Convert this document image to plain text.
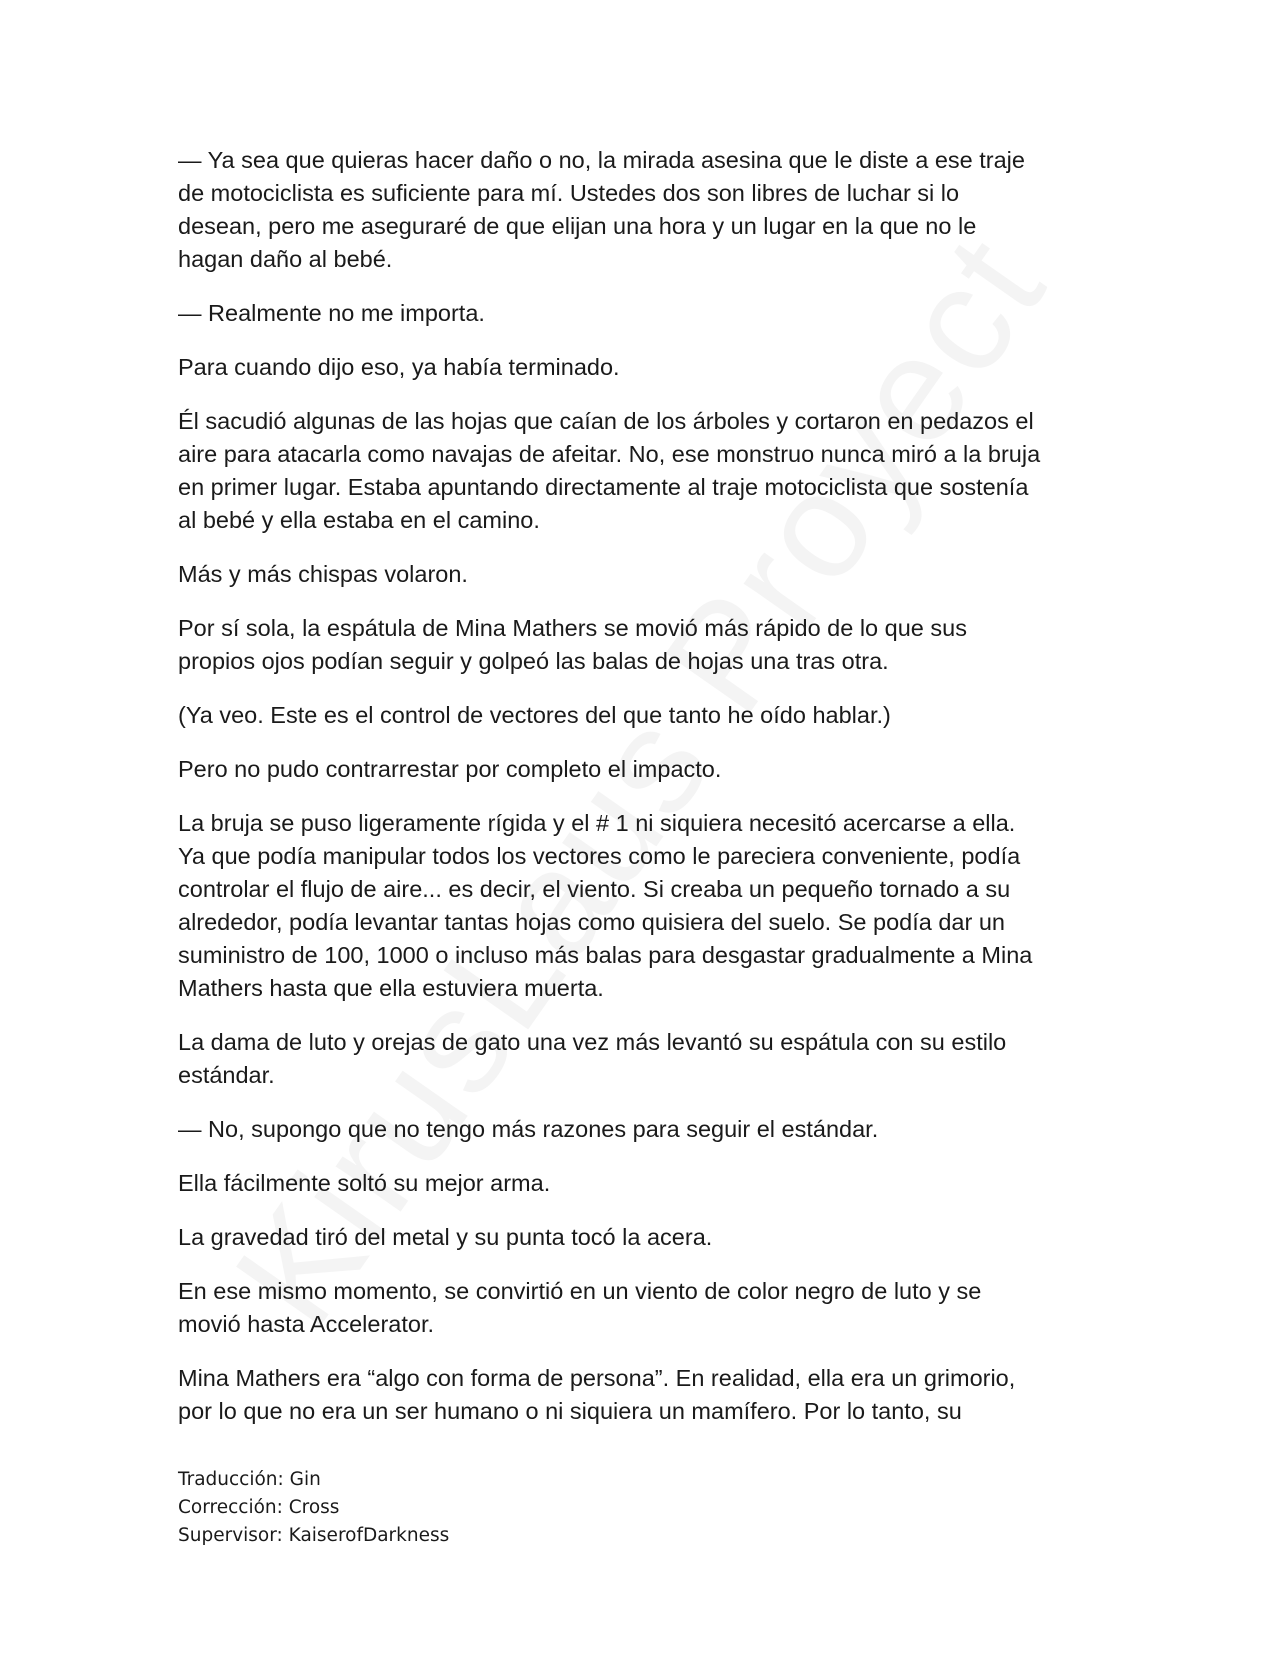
— Ya sea que quieras hacer daño o no, la mirada asesina que le diste a ese traje
de motociclista es suficiente para mí. Ustedes dos son libres de luchar si lo
desean, pero me aseguraré de que elijan una hora y un lugar en la que no le
hagan daño al bebé.

— Realmente no me importa.

Para cuando dijo eso, ya había terminado.

Él sacudió algunas de las hojas que caían de los árboles y cortaron en pedazos el
aire para atacarla como navajas de afeitar. No, ese monstruo nunca miró a la bruja
en primer lugar. Estaba apuntando directamente al traje motociclista que sostenía
al bebé y ella estaba en el camino.

Más y más chispas volaron.

Por sí sola, la espátula de Mina Mathers se movió más rápido de lo que sus
propios ojos podían seguir y golpeó las balas de hojas una tras otra.

(Ya veo. Este es el control de vectores del que tanto he oído hablar.)

Pero no pudo contrarrestar por completo el impacto.

La bruja se puso ligeramente rígida y el # 1 ni siquiera necesitó acercarse a ella.
Ya que podía manipular todos los vectores como le pareciera conveniente, podía
controlar el flujo de aire... es decir, el viento. Si creaba un pequeño tornado a su
alrededor, podía levantar tantas hojas como quisiera del suelo. Se podía dar un
suministro de 100, 1000 o incluso más balas para desgastar gradualmente a Mina
Mathers hasta que ella estuviera muerta.

La dama de luto y orejas de gato una vez más levantó su espátula con su estilo
estándar.

— No, supongo que no tengo más razones para seguir el estándar.

Ella fácilmente soltó su mejor arma.

La gravedad tiró del metal y su punta tocó la acera.

En ese mismo momento, se convirtió en un viento de color negro de luto y se
movió hasta Accelerator.

Mina Mathers era “algo con forma de persona”. En realidad, ella era un grimorio,
por lo que no era un ser humano o ni siquiera un mamífero. Por lo tanto, su

Traducción: Gin
Corrección: Cross
Supervisor: KaiserofDarkness
